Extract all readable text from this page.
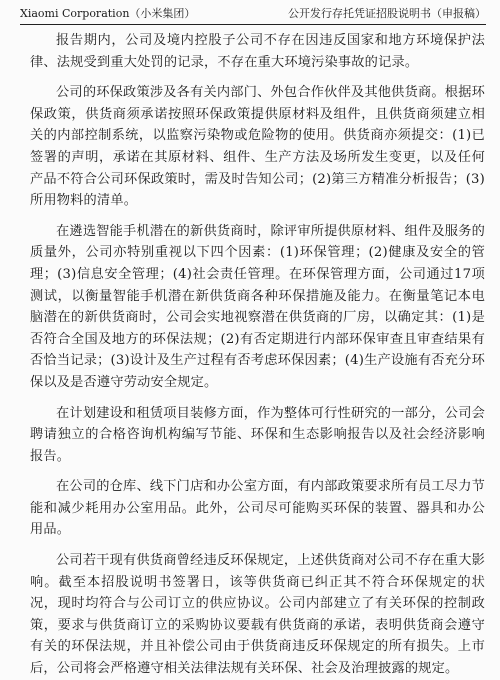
Xiaomi Corporation（小米集团）	公开发行存托凭证招股说明书（申报稿）

报告期内，公司及境内控股子公司不存在因违反国家和地方环境保护法律、法规受到重大处罚的记录，不存在重大环境污染事故的记录。

公司的环保政策涉及各有关内部门、外包合作伙伴及其他供货商。根据环保政策，供货商须承诺按照环保政策提供原材料及组件，且供货商须建立相关的内部控制系统，以监察污染物或危险物的使用。供货商亦须提交：(1)已签署的声明，承诺在其原材料、组件、生产方法及场所发生变更，以及任何产品不符合公司环保政策时，需及时告知公司；(2)第三方精准分析报告；(3)所用物料的清单。

在遴选智能手机潜在的新供货商时，除评审所提供原材料、组件及服务的质量外，公司亦特别重视以下四个因素：(1)环保管理；(2)健康及安全的管理；(3)信息安全管理；(4)社会责任管理。在环保管理方面，公司通过17项测试，以衡量智能手机潜在新供货商各种环保措施及能力。在衡量笔记本电脑潜在的新供货商时，公司会实地视察潜在供货商的厂房，以确定其：(1)是否符合全国及地方的环保法规；(2)有否定期进行内部环保审查且审查结果有否恰当记录；(3)设计及生产过程有否考虑环保因素；(4)生产设施有否充分环保以及是否遵守劳动安全规定。

在计划建设和租赁项目装修方面，作为整体可行性研究的一部分，公司会聘请独立的合格咨询机构编写节能、环保和生态影响报告以及社会经济影响报告。

在公司的仓库、线下门店和办公室方面，有内部政策要求所有员工尽力节能和减少耗用办公室用品。此外，公司尽可能购买环保的装置、器具和办公用品。

公司若干现有供货商曾经违反环保规定，上述供货商对公司不存在重大影响。截至本招股说明书签署日，该等供货商已纠正其不符合环保规定的状况，现时均符合与公司订立的供应协议。公司内部建立了有关环保的控制政策，要求与供货商订立的采购协议要载有供货商的承诺，表明供货商会遵守有关的环保法规，并且补偿公司由于供货商违反环保规定的所有损失。上市后，公司将会严格遵守相关法律法规有关环保、社会及治理披露的规定。
